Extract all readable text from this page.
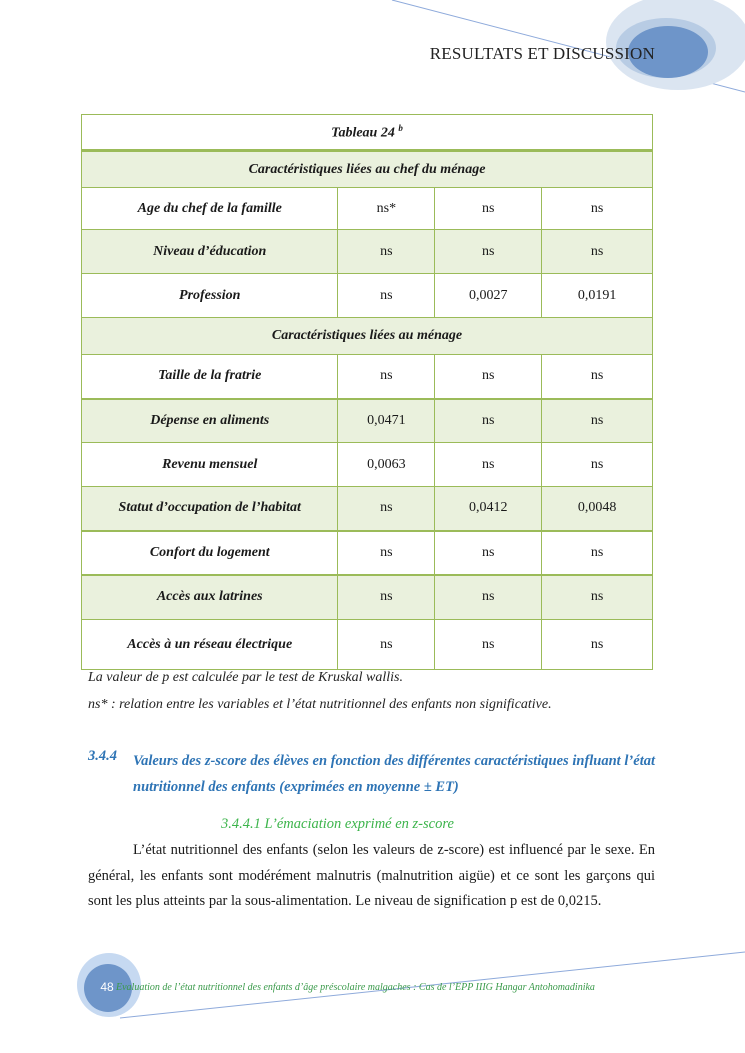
RESULTATS ET DISCUSSION
Tableau 24 $^b$
Caractéristiques liées au chef du ménage			
Age du chef de la famille	ns*	ns	ns
Niveau d’éducation	ns	ns	ns
Profession	ns	0,0027	0,0191
Caractéristiques liées au ménage			
Taille de la fratrie	ns	ns	ns
Dépense en aliments	0,0471	ns	ns
Revenu mensuel	0,0063	ns	ns
Statut d’occupation de l’habitat	ns	0,0412	0,0048
Confort du logement	ns	ns	ns
Accès aux latrines	ns	ns	ns
Accès à un réseau électrique	ns	ns	ns
La valeur de p est calculée par le test de Kruskal wallis.
ns* : relation entre les variables et l’état nutritionnel des enfants non significative.
3.4.4 Valeurs des z-score des élèves en fonction des différentes caractéristiques influant l’état nutritionnel des enfants (exprimées en moyenne ± ET)
3.4.4.1 L’émaciation exprimé en z-score
L’état nutritionnel des enfants (selon les valeurs de z-score) est influencé par le sexe. En général, les enfants sont modérément malnutris (malnutrition aigüe) et ce sont les garçons qui sont les plus atteints par la sous-alimentation. Le niveau de signification p est de 0,0215.
48 Evaluation de l’état nutritionnel des enfants d’âge préscolaire malgaches : Cas de l’EPP IIIG Hangar Antohomadinika
